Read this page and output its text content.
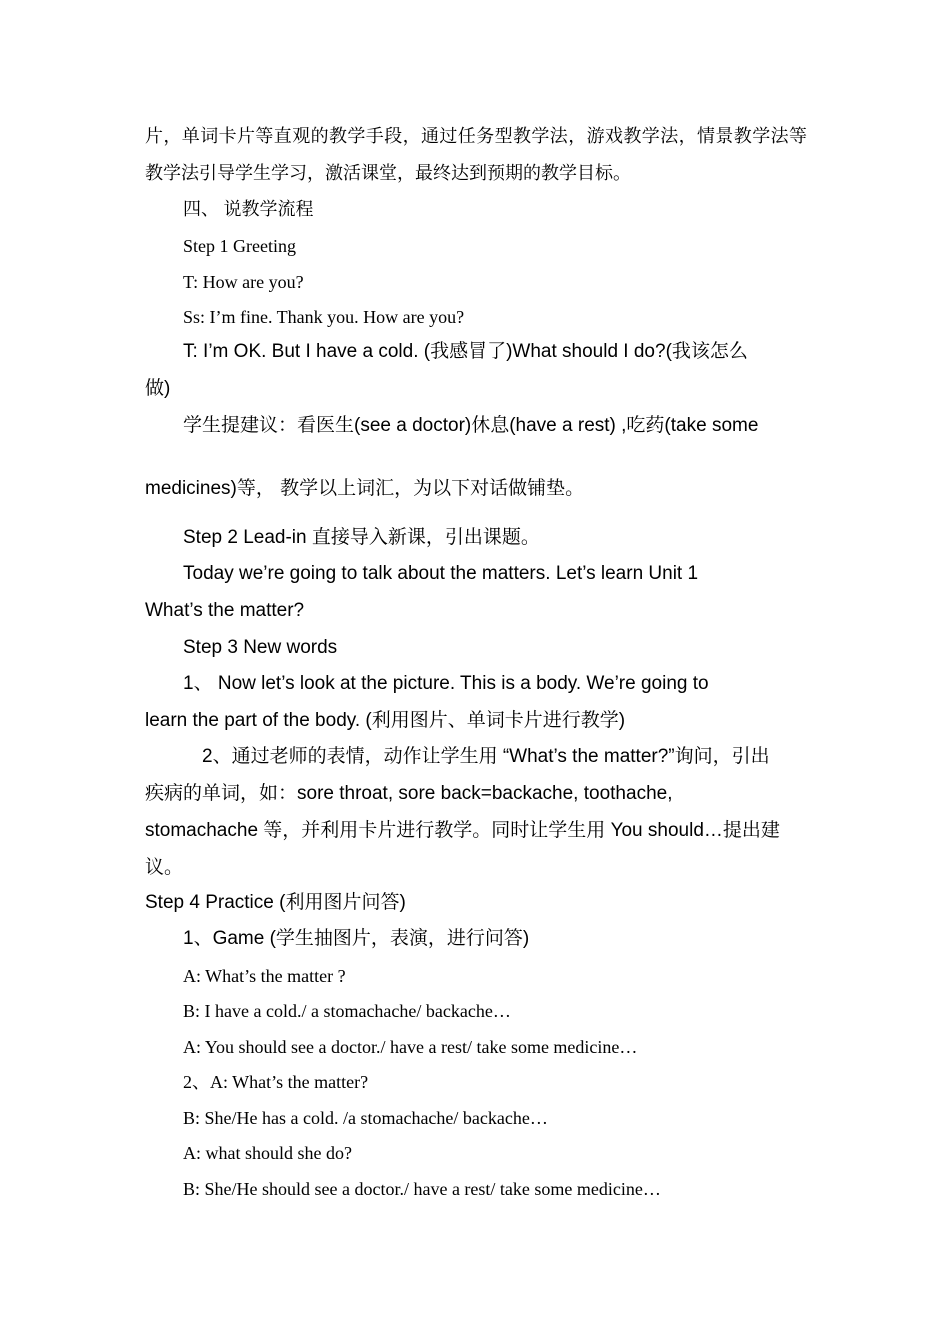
片，单词卡片等直观的教学手段，通过任务型教学法，游戏教学法，情景教学法等
教学法引导学生学习，激活课堂，最终达到预期的教学目标。
四、 说教学流程
Step 1 Greeting
T: How are you?
Ss: I’m fine. Thank you. How are you?
T: I’m OK. But I have a cold. (我感冒了)What should I do?(我该怎么
做)
学生提建议：看医生(see a doctor)休息(have a rest) ,吃药(take some
medicines)等， 教学以上词汇，为以下对话做铺垫。
Step 2 Lead-in 直接导入新课，引出课题。
Today we’re going to talk about the matters. Let’s learn Unit 1
What’s the matter?
Step 3 New words
1、 Now let’s look at the picture. This is a body. We’re going to
learn the part of the body. (利用图片、单词卡片进行教学)
2、通过老师的表情，动作让学生用 “What’s the matter?”询问，引出
疾病的单词，如：sore throat, sore back=backache, toothache,
stomachache 等，并利用卡片进行教学。同时让学生用 You should…提出建
议。
Step 4 Practice (利用图片问答)
1、Game (学生抽图片，表演，进行问答)
A: What’s the matter ?
B: I have a cold./ a stomachache/ backache…
A: You should see a doctor./ have a rest/ take some medicine…
2、A: What’s the matter?
B: She/He has a cold. /a stomachache/ backache…
A: what should she do?
B: She/He should see a doctor./ have a rest/ take some medicine…
